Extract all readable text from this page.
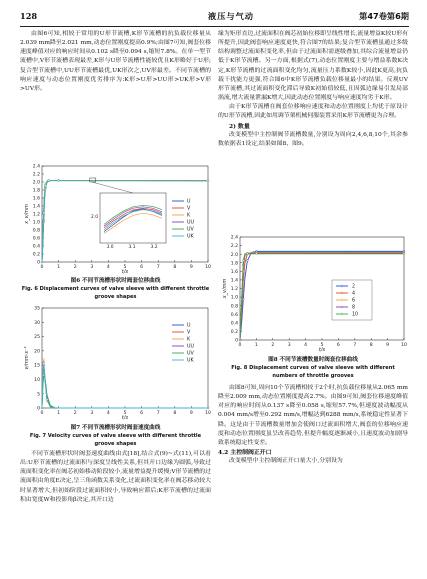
128	液压与气动	第47卷第6期

由图6可知,相较于常用的U形节流槽,K形节流槽的抗负载位移量从2.039 mm降至2.021 mm,动态位置刚度提高0.9%;由图7可知,阀套位移速度峰值对应的响应时间从0.102 s降至0.094 s,缩短7.8%。在单一型节流槽中,V形节流槽表现最差,K形与U形节流槽性能较优且K形略好于U形;复合型节流槽中,UU形节流槽最优,UK形次之,UV形最差。不同节流槽的响应速度与动态位置刚度优劣排序为:K形>U形>UU形>UK形>V形>UV形。

0	1	2	3	4	5	6	7	8	9	10
0
0.2
0.4
0.6
0.8
1.0
1.2
1.4
1.6
1.8
2.0
2.2
2.4
t/s
x_v/mm
U
V
K
UU
UV
UK
3.0	3.1	3.2
2.0
图6 不同节流槽形状时阀套位移曲线
Fig. 6 Displacement curves of valve sleeve with different throttle groove shapes
0	1	2	3	4	5	6	7	8	9	10
0
5
10
15
20
25
30
35
t/s
v/mm·s⁻¹
U
V
K
UU
UV
UK
图7 不同节流槽形状时阀套速度曲线
Fig. 7 Velocity curves of valve sleeve with different throttle groove shapes

不同节流槽形状时阀套速度曲线由式[18],结合式(9)~式(11),可以看出:U形节流槽的过流面积与深度呈线性关系,但其开口边缘为圆弧,导致过流面积变化率在阀芯初始移动阶段较小,流量增益提升缓慢;V形节流槽的过流面积由角度E决定,呈三角函数关系变化,过流面积变化率在阀芯移动较大时显著增大,但初始阶段过流面积较小,导致响应滞后;K形节流槽的过流面积由宽度W和投影角β决定,其开口边

缘为矩形直边,过流面积在阀芯初始位移即呈线性增长,流量增益K较U形有所提升,因此阀套响应速度更快,符合图7的结果;复合型节流槽虽通过多级结构调整过流面积变化率,但由于过流面积需逐级叠加,其综合流量增益仍低于K形节流槽。另一方面,根据式(7),动态位置刚度主要与增益系数K决定,K形节流槽的过流面积变化均匀,流量压力系数K较小,因此K更高,抗负载干扰能力更强,符合图6中K形节流槽负载位移量最小的结果。反观UV形节流槽,其过流面积变化滞后导致K初始值较低,且因弧边缘易引发局部涡流,增大流量泄漏K增大,因此动态位置刚度与响应速度均劣于K形。

由于K形节流槽在阀套位移响应速度和动态位置刚度上均优于原设计的U形节流槽,因此如用调节架机械伺服装置采用K形节流槽更为合理。

2) 数量

改变模型中主控制阀节流槽数量,分别设为周向2,4,6,8,10个,其余参数依据表1设定,结果如图8、图9。

0	1	2	3	4	5	6	7	8	9	10
0
0.2
0.4
0.6
0.8
1.0
1.2
1.4
1.6
1.8
2.0
2.2
2.4
t/s
x_v/mm	2
4
6
8
10
图8 不同节流槽数量时阀套位移曲线
Fig. 8 Displacement curves of valve sleeve with different numbers of throttle grooves

由图8可知,周向10个节流槽相较于2个时,抗负载位移量从2.065 mm降至2.009 mm,动态位置刚度提高2.7%。由图9可知,阀套位移速度峰值对应的响应时间从0.137 s降至0.058 s,缩短57.7%,但速度波动幅度从0.004 mm/s增至0.292 mm/s,增幅达到6288 mm/s,系统稳定性显著下降。这是由于节流槽数量增加会使阀口过流面积增大,阀套的位移响应速度和动态位置刚度虽呈改善趋势,但提升幅度逐渐减小,且速度波动加剧导致系统稳定性变差。

4.2 主控制阀正开口

改变模型中主控制阀正开口量大小,分别设为
